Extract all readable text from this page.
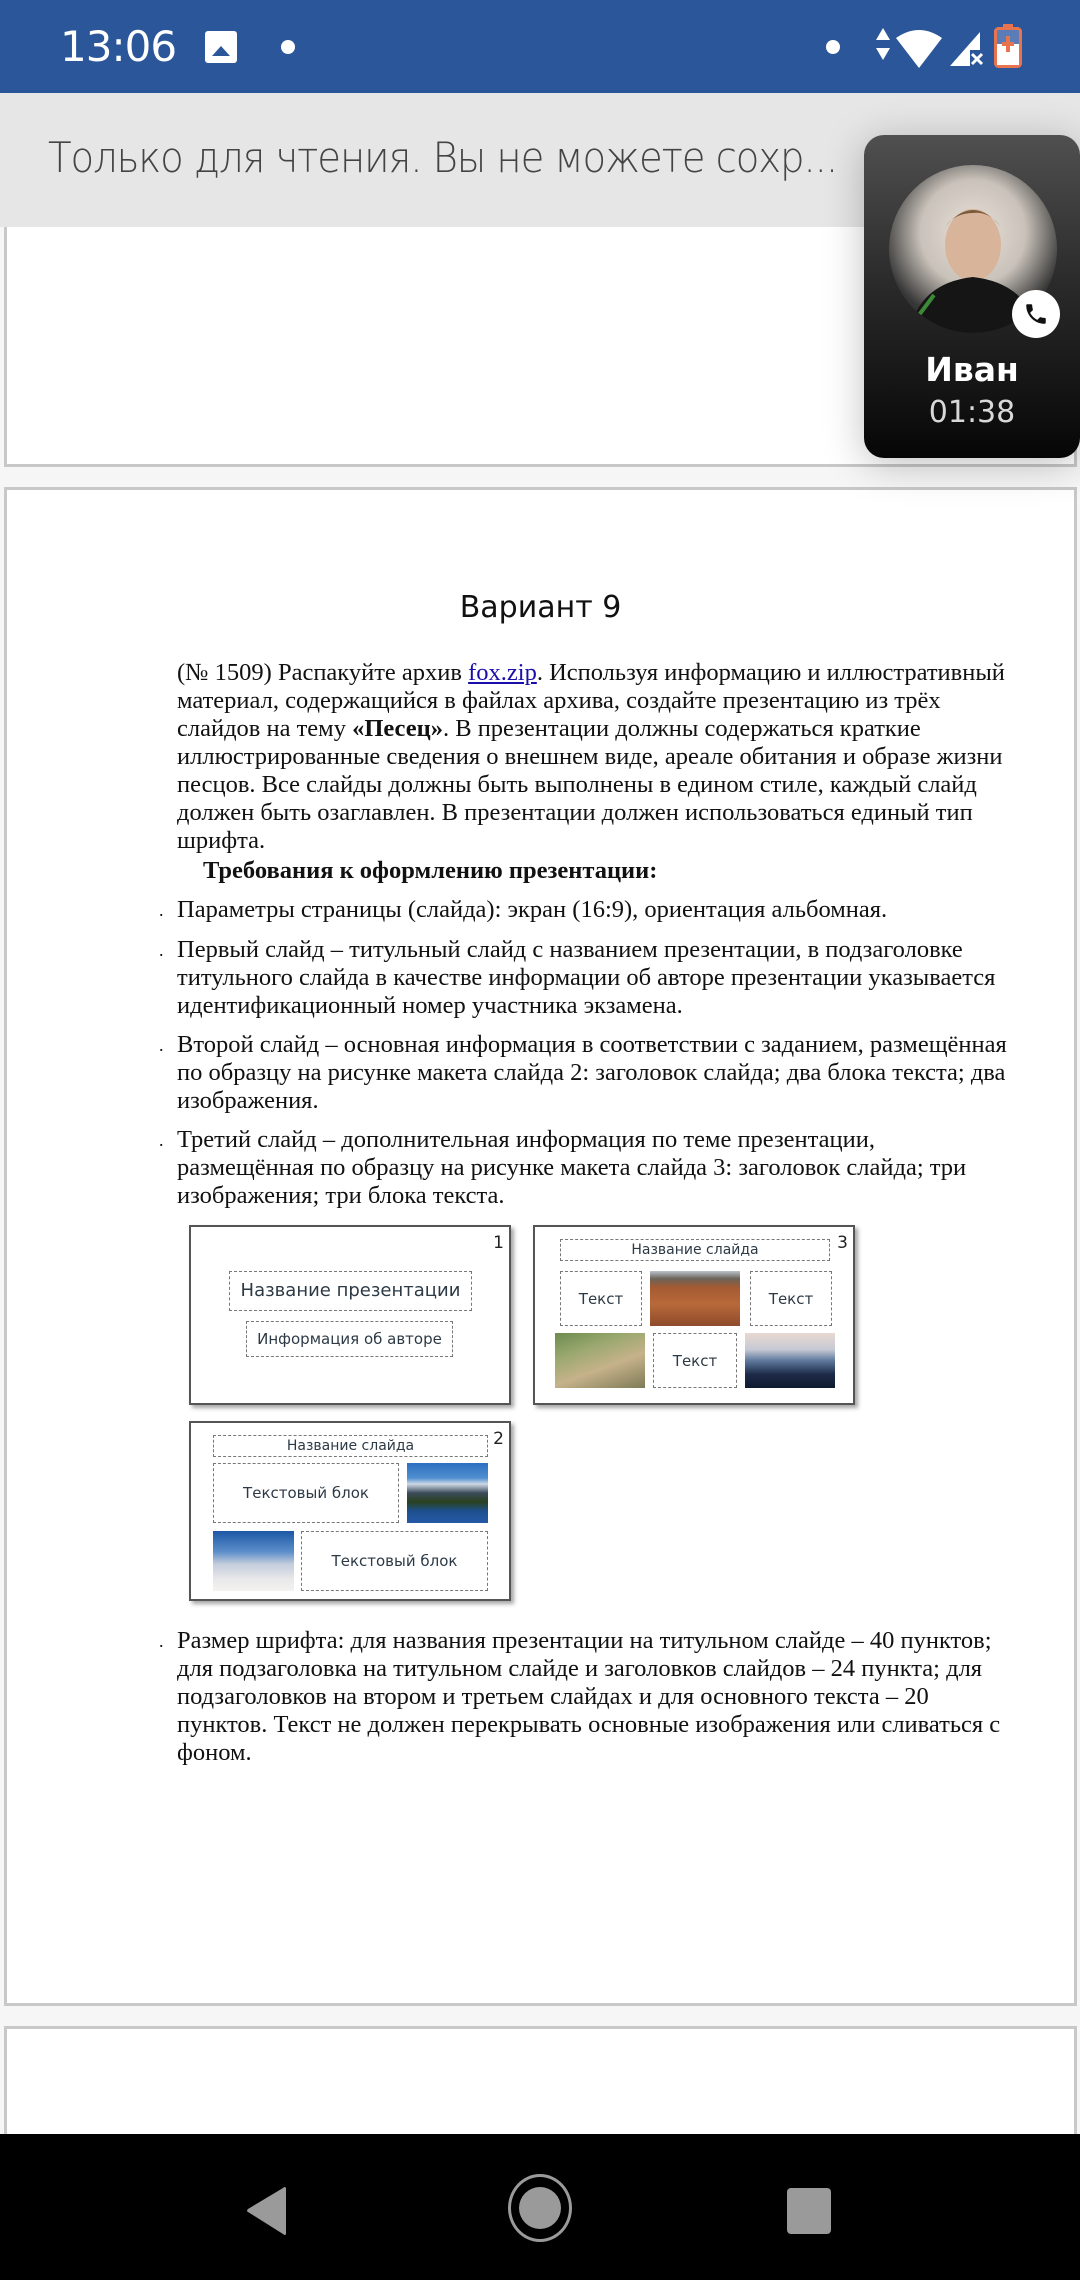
13:06
Только для чтения. Вы не можете сохр...
Вариант 9
(№ 1509) Распакуйте архив fox.zip. Используя информацию и иллюстративный материал, содержащийся в файлах архива, создайте презентацию из трёх слайдов на тему «Песец». В презентации должны содержаться краткие иллюстрированные сведения о внешнем виде, ареале обитания и образе жизни песцов. Все слайды должны быть выполнены в едином стиле, каждый слайд должен быть озаглавлен. В презентации должен использоваться единый тип шрифта.
Требования к оформлению презентации:
. Параметры страницы (слайда): экран (16:9), ориентация альбомная.
. Первый слайд – титульный слайд с названием презентации, в подзаголовке титульного слайда в качестве информации об авторе презентации указывается идентификационный номер участника экзамена.
. Второй слайд – основная информация в соответствии с заданием, размещённая по образцу на рисунке макета слайда 2: заголовок слайда; два блока текста; два изображения.
. Третий слайд – дополнительная информация по теме презентации, размещённая по образцу на рисунке макета слайда 3: заголовок слайда; три изображения; три блока текста.
1
Название презентации
Информация об авторе
3
Название слайда
Текст	Текст
Текст
2
Название слайда
Текстовый блок
Текстовый блок
. Размер шрифта: для названия презентации на титульном слайде – 40 пунктов; для подзаголовка на титульном слайде и заголовков слайдов – 24 пункта; для подзаголовков на втором и третьем слайдах и для основного текста – 20 пунктов. Текст не должен перекрывать основные изображения или сливаться с фоном.
Иван
01:38
